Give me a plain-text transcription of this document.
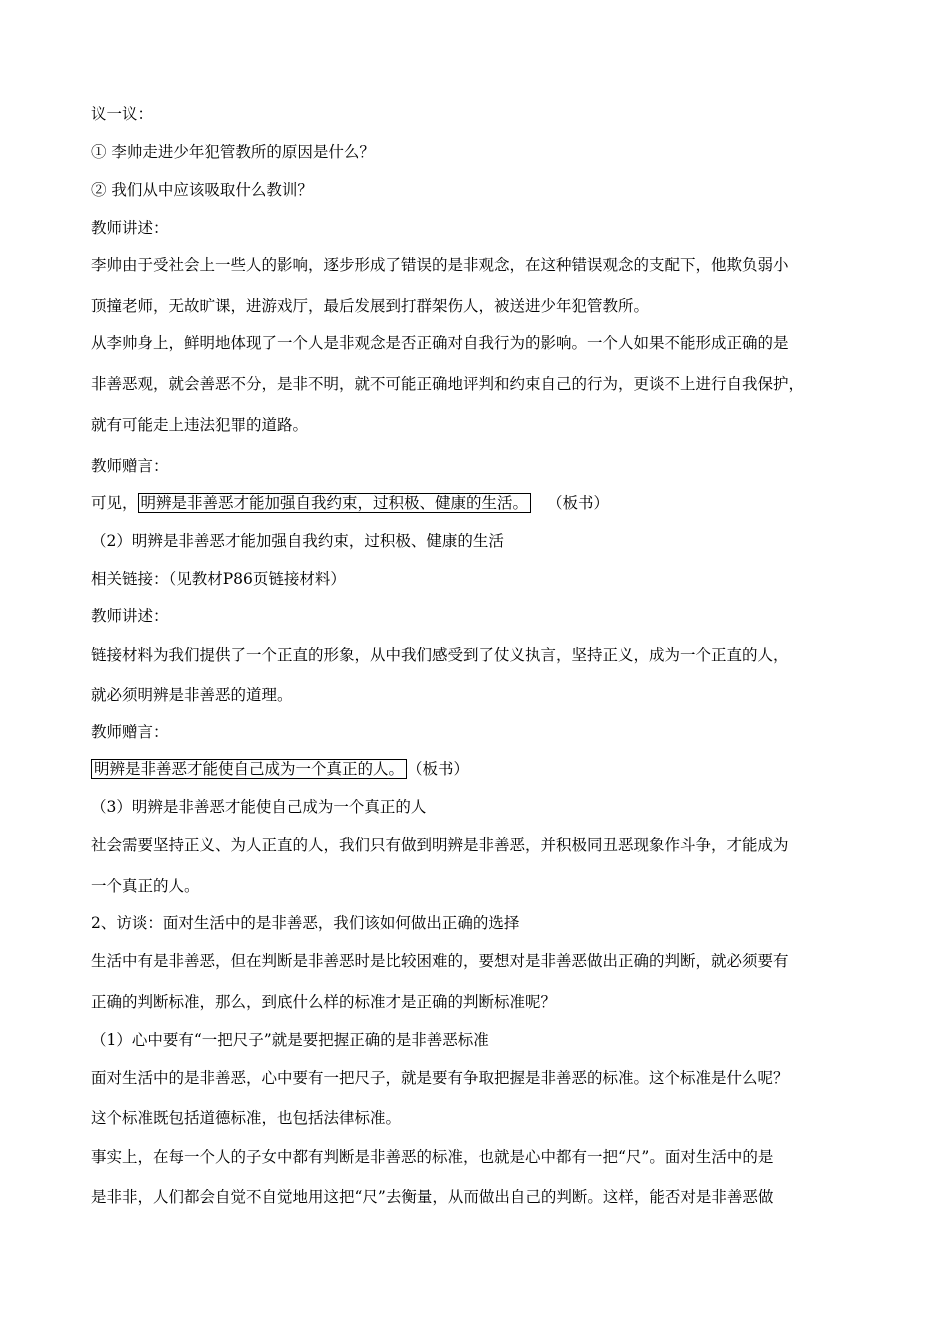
议一议：
① 李帅走进少年犯管教所的原因是什么？
② 我们从中应该吸取什么教训？
教师讲述：
李帅由于受社会上一些人的影响，逐步形成了错误的是非观念，在这种错误观念的支配下，他欺负弱小
顶撞老师，无故旷课，进游戏厅，最后发展到打群架伤人，被送进少年犯管教所。
从李帅身上，鲜明地体现了一个人是非观念是否正确对自我行为的影响。一个人如果不能形成正确的是
非善恶观，就会善恶不分，是非不明，就不可能正确地评判和约束自己的行为，更谈不上进行自我保护，
就有可能走上违法犯罪的道路。
教师赠言：
可见， 明辨是非善恶才能加强自我约束，过积极、健康的生活。 （板书）
（2）明辨是非善恶才能加强自我约束，过积极、健康的生活
相关链接：（见教材P86页链接材料）
教师讲述：
链接材料为我们提供了一个正直的形象，从中我们感受到了仗义执言，坚持正义，成为一个正直的人，
就必须明辨是非善恶的道理。
教师赠言：
明辨是非善恶才能使自己成为一个真正的人。 （板书）
（3）明辨是非善恶才能使自己成为一个真正的人
社会需要坚持正义、为人正直的人，我们只有做到明辨是非善恶，并积极同丑恶现象作斗争，才能成为
一个真正的人。
2、访谈：面对生活中的是非善恶，我们该如何做出正确的选择
生活中有是非善恶，但在判断是非善恶时是比较困难的，要想对是非善恶做出正确的判断，就必须要有
正确的判断标准，那么，到底什么样的标准才是正确的判断标准呢？
（1）心中要有“一把尺子”就是要把握正确的是非善恶标准
面对生活中的是非善恶，心中要有一把尺子，就是要有争取把握是非善恶的标准。这个标准是什么呢？
这个标准既包括道德标准，也包括法律标准。
事实上，在每一个人的子女中都有判断是非善恶的标准，也就是心中都有一把“尺”。面对生活中的是
是非非，人们都会自觉不自觉地用这把“尺”去衡量，从而做出自己的判断。这样，能否对是非善恶做
